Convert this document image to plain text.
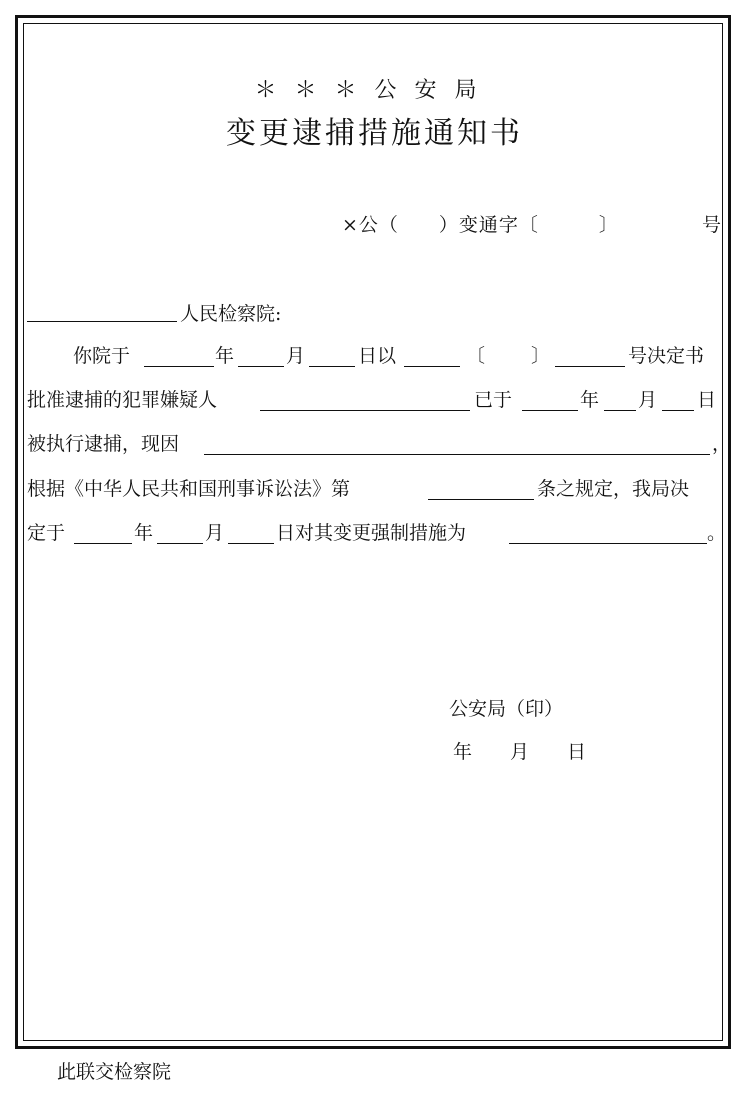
＊＊＊公安局
变更逮捕措施通知书
×公（　　）变通字〔　　　〕	号
人民检察院:
你院于	年	月	日以	〔 〕	号决定书
批准逮捕的犯罪嫌疑人	已于	年 月 日
被执行逮捕，现因	，
根据《中华人民共和国刑事诉讼法》第	条之规定，我局决
定于	年	月	日对其变更强制措施为	。
公安局（印）
年　　月　　日
此联交检察院
